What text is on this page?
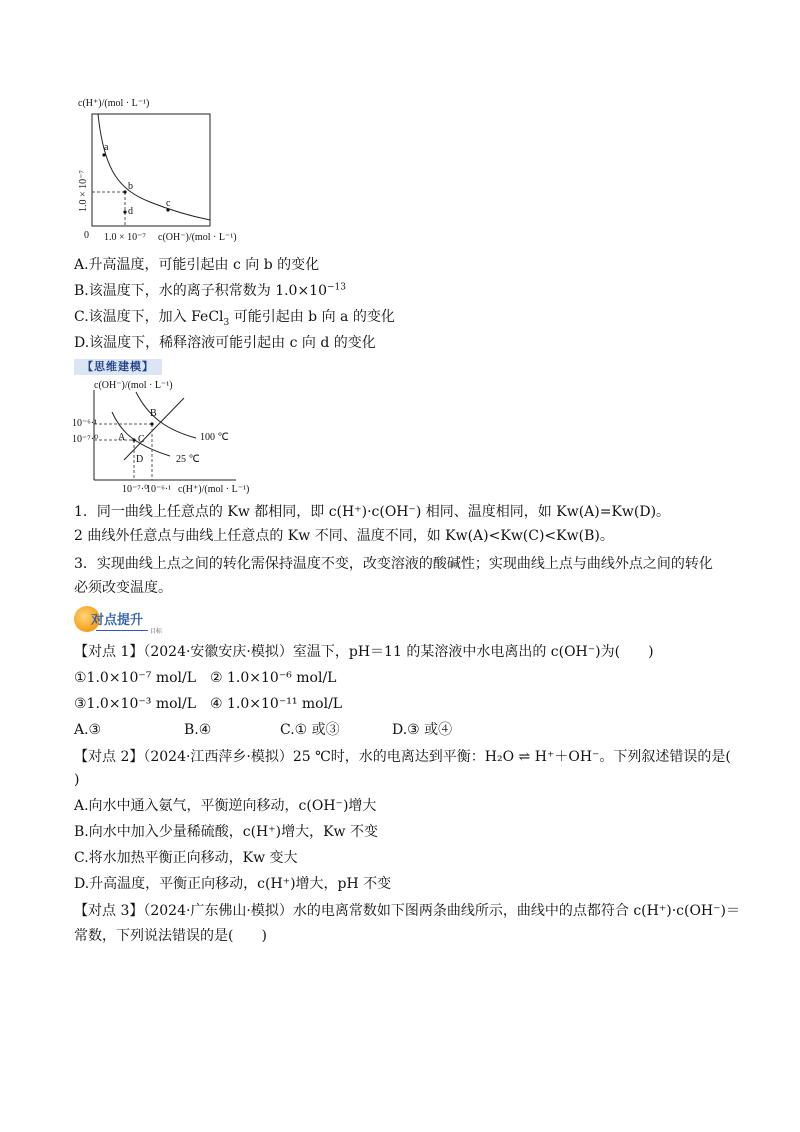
c(H⁺)/(mol · L⁻¹)
a
b
c
d
1.0 × 10⁻⁷
0 1.0 × 10⁻⁷ c(OH⁻)/(mol · L⁻¹)
A.升高温度，可能引起由 c 向 b 的变化
B.该温度下，水的离子积常数为 $1.0\times 10^{-13}$
C.该温度下，加入 FeCl$_3$ 可能引起由 b 向 a 的变化
D.该温度下，稀释溶液可能引起由 c 向 d 的变化
【思维建模】
c(OH⁻)/(mol · L⁻¹)
A
B
C
D
10⁻⁶·¹
10⁻⁷·⁰
10⁻⁷·⁰
10⁻⁶·¹ c(H⁺)/(mol · L⁻¹)
100 ℃
25 ℃
1．同一曲线上任意点的 Kw 都相同，即 c(H⁺)·c(OH⁻) 相同、温度相同，如 Kw(A)=Kw(D)。
2 曲线外任意点与曲线上任意点的 Kw 不同、温度不同，如 Kw(A)<Kw(C)<Kw(B)。
3．实现曲线上点之间的转化需保持温度不变，改变溶液的酸碱性；实现曲线上点与曲线外点之间的转化
必须改变温度。
对点提升
目标
【对点 1】（2024·安徽安庆·模拟）室温下，pH＝11 的某溶液中水电离出的 c(OH⁻)为(　　)
①1.0×10⁻⁷ mol/L　② 1.0×10⁻⁶ mol/L
③1.0×10⁻³ mol/L　④ 1.0×10⁻¹¹ mol/L
A.③	B.④	C.① 或③	D.③ 或④
【对点 2】（2024·江西萍乡·模拟）25 ℃时，水的电离达到平衡：H₂O ⇌ H⁺＋OH⁻。下列叙述错误的是(
)
A.向水中通入氨气，平衡逆向移动，c(OH⁻)增大
B.向水中加入少量稀硫酸，c(H⁺)增大，Kw 不变
C.将水加热平衡正向移动，Kw 变大
D.升高温度，平衡正向移动，c(H⁺)增大，pH 不变
【对点 3】（2024·广东佛山·模拟）水的电离常数如下图两条曲线所示，曲线中的点都符合 c(H⁺)·c(OH⁻)＝
常数，下列说法错误的是(　　)
